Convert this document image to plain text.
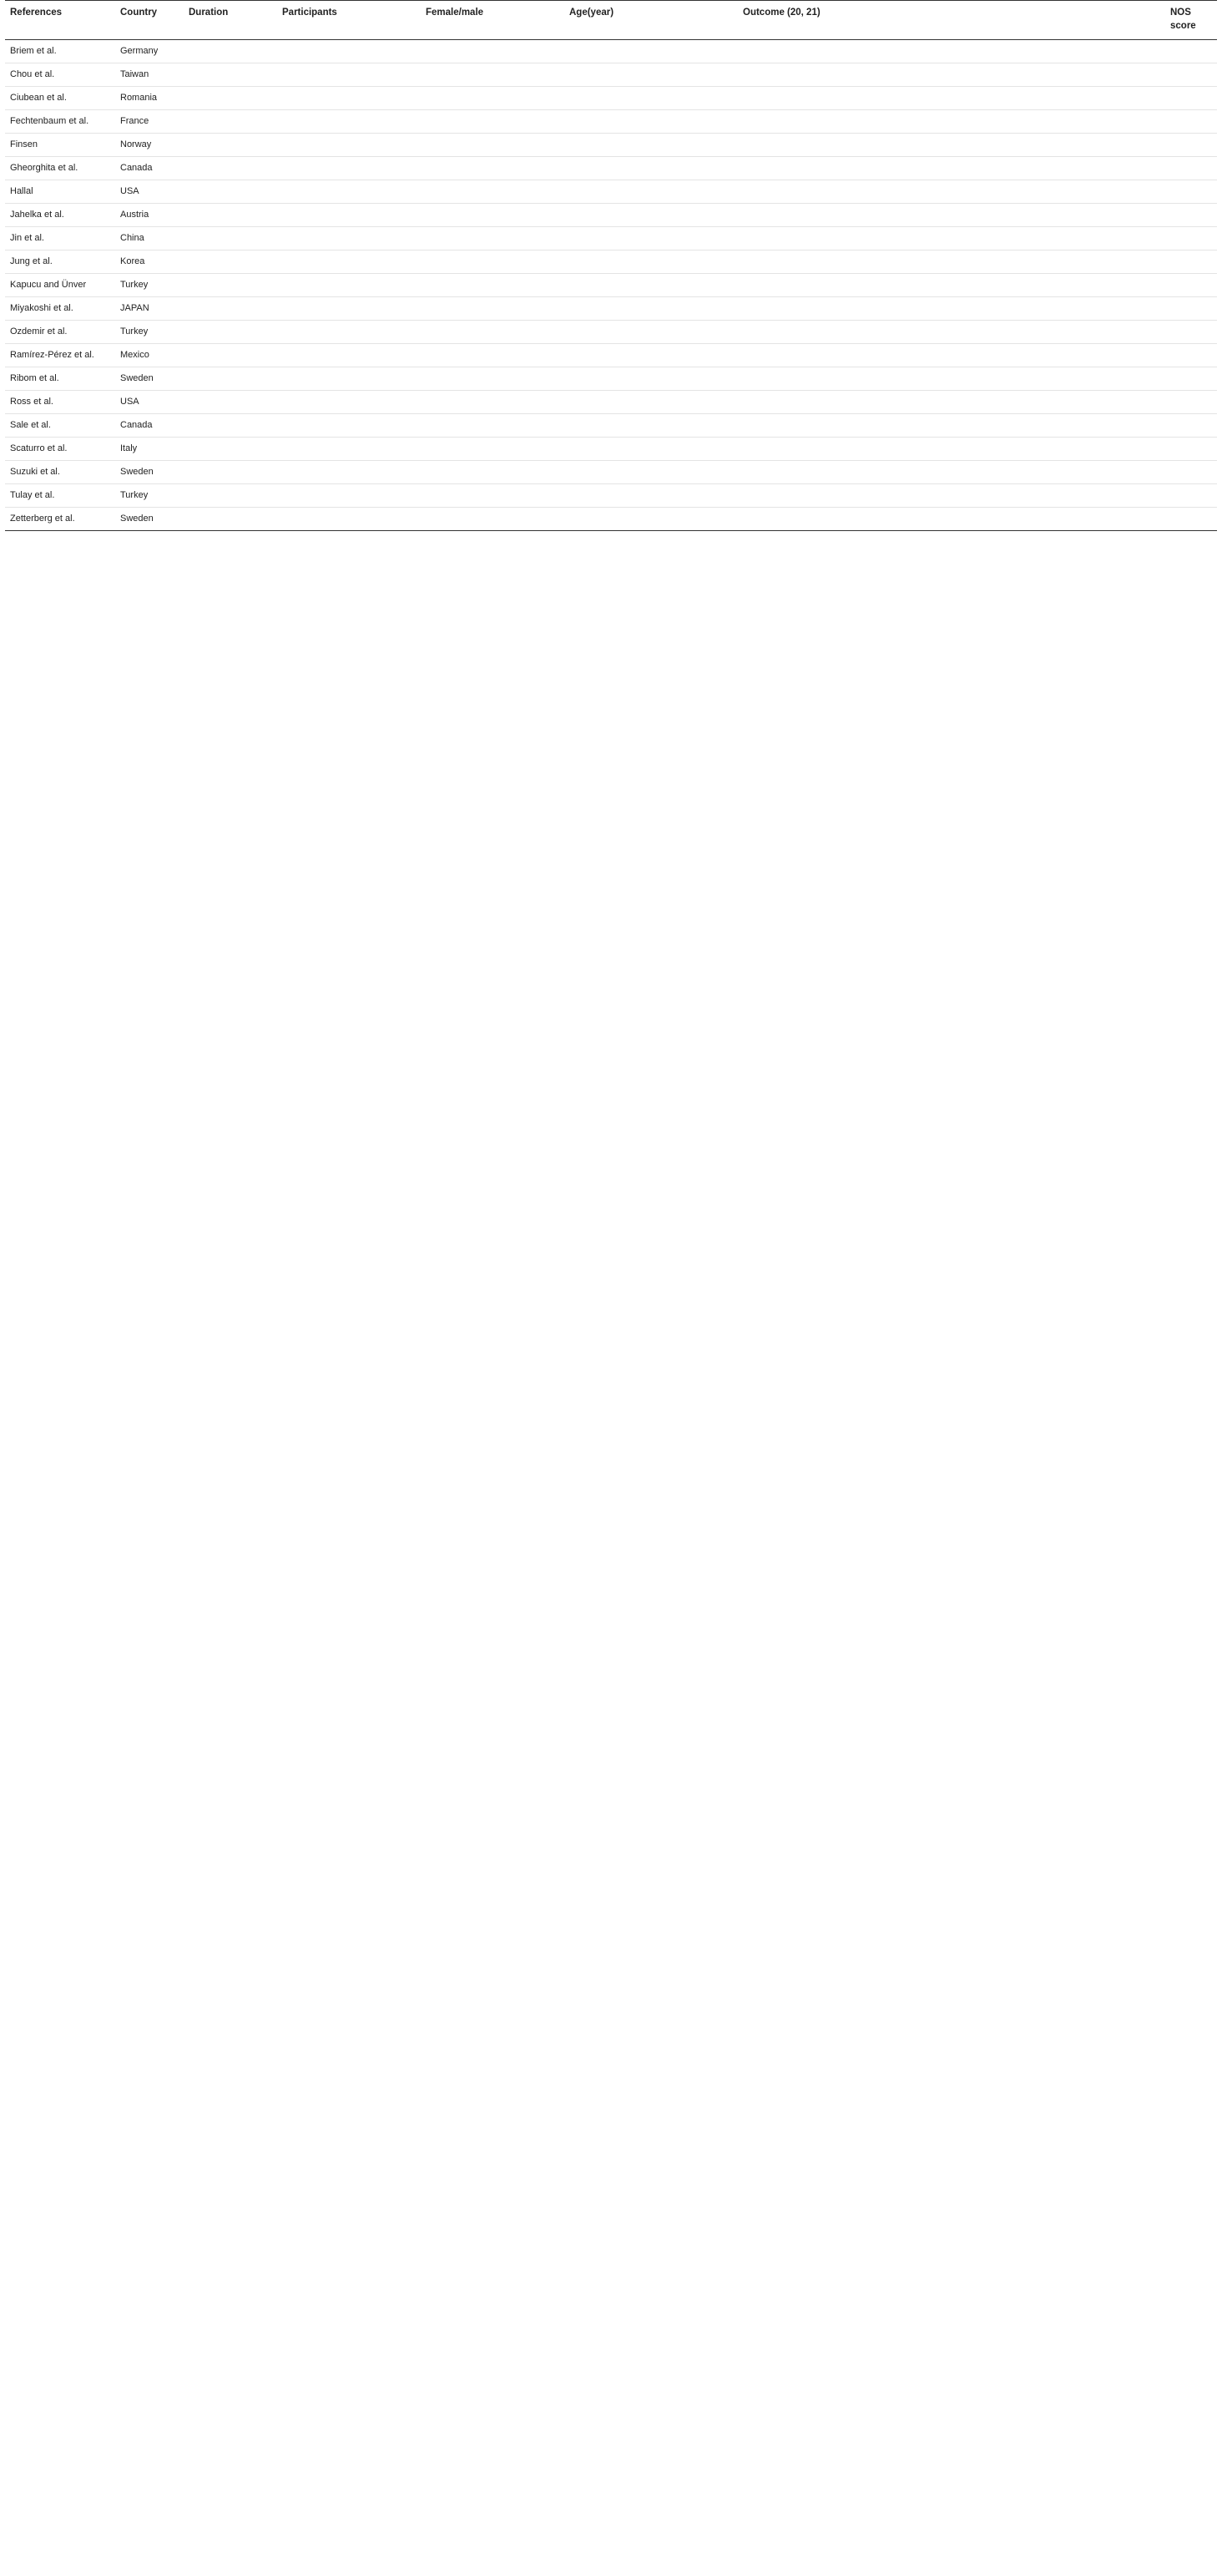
References	Country	Duration	Participants	Female/male	Age(year)	Outcome (20, 21)	NOS score
Briem et al.	Germany						
Chou et al.	Taiwan						
Ciubean et al.	Romania						
Fechtenbaum et al.	France						
Finsen	Norway						
Gheorghita et al.	Canada						
Hallal	USA						
Jahelka et al.	Austria						
Jin et al.	China						
Jung et al.	Korea						
Kapucu and Ünver	Turkey						
Miyakoshi et al.	JAPAN						
Ozdemir et al.	Turkey						
Ramírez-Pérez et al.	Mexico						
Ribom et al.	Sweden						
Ross et al.	USA						
Sale et al.	Canada						
Scaturro et al.	Italy						
Suzuki et al.	Sweden						
Tulay et al.	Turkey						
Zetterberg et al.	Sweden						
